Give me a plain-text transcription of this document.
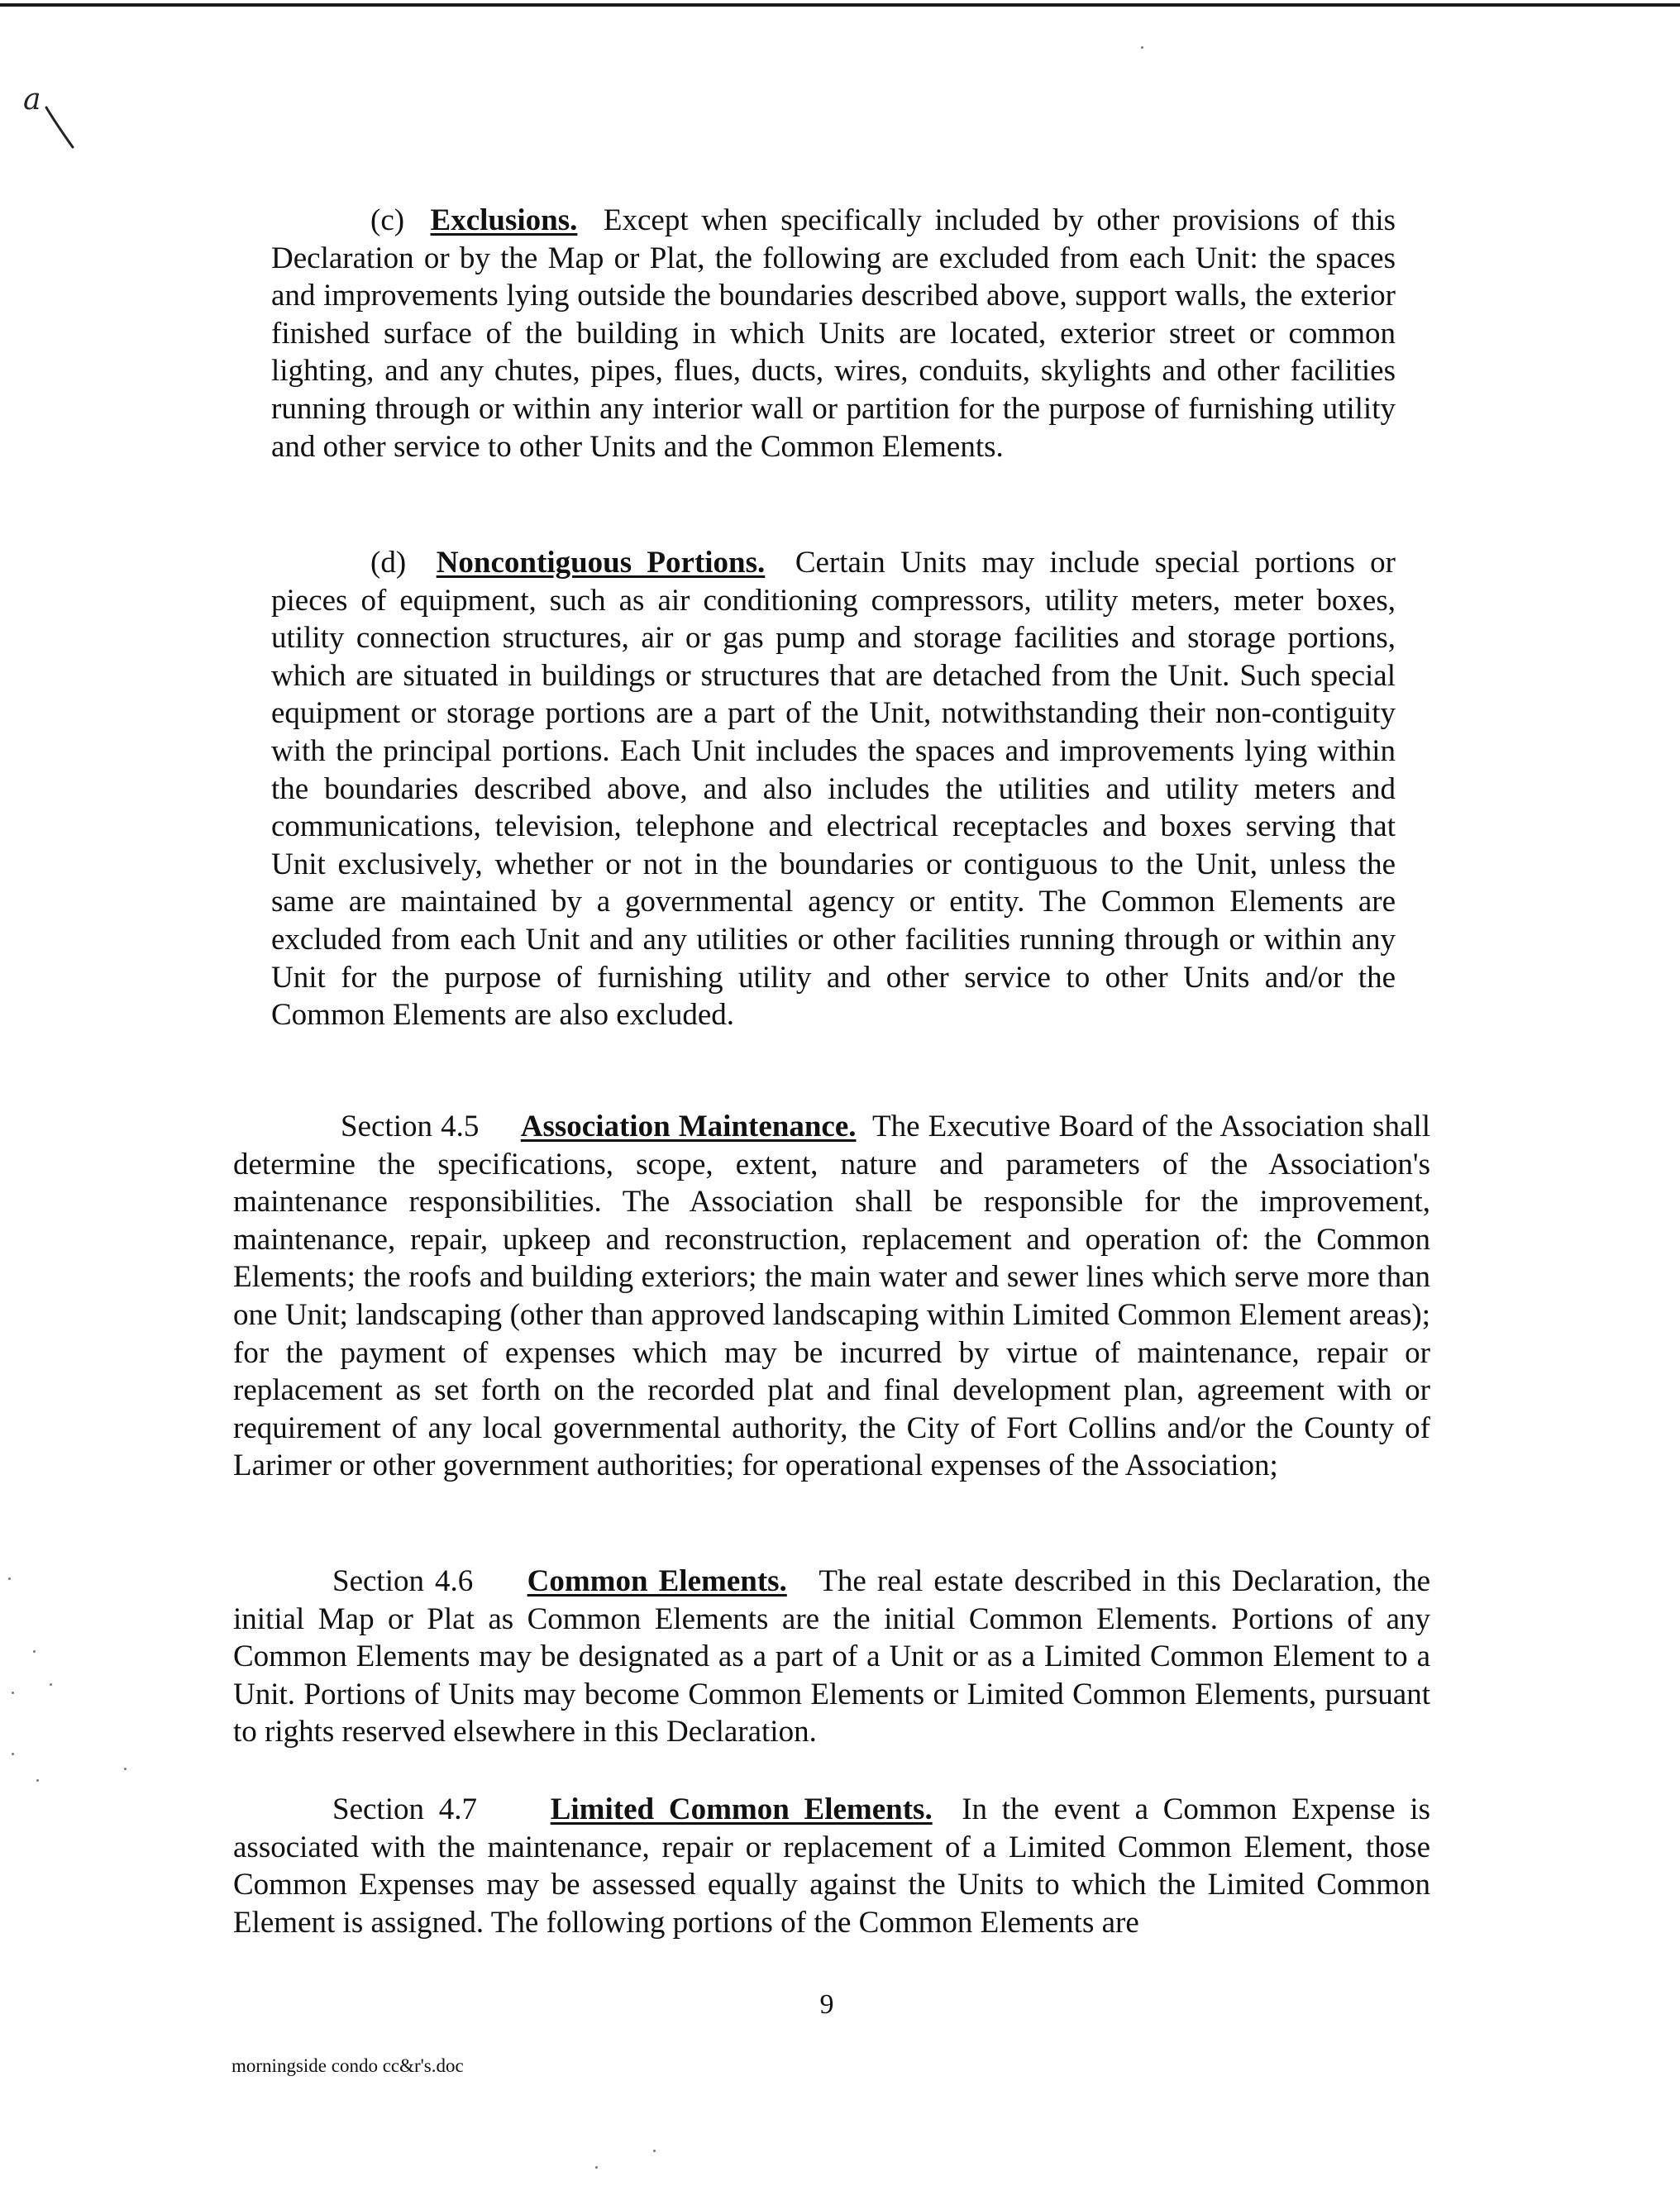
a

(c) Exclusions. Except when specifically included by other provisions of this Declaration or by the Map or Plat, the following are excluded from each Unit: the spaces and improvements lying outside the boundaries described above, support walls, the exterior finished surface of the building in which Units are located, exterior street or common lighting, and any chutes, pipes, flues, ducts, wires, conduits, skylights and other facilities running through or within any interior wall or partition for the purpose of furnishing utility and other service to other Units and the Common Elements.

(d) Noncontiguous Portions. Certain Units may include special portions or pieces of equipment, such as air conditioning compressors, utility meters, meter boxes, utility connection structures, air or gas pump and storage facilities and storage portions, which are situated in buildings or structures that are detached from the Unit. Such special equipment or storage portions are a part of the Unit, notwithstanding their non-contiguity with the principal portions. Each Unit includes the spaces and improvements lying within the boundaries described above, and also includes the utilities and utility meters and communications, television, telephone and electrical receptacles and boxes serving that Unit exclusively, whether or not in the boundaries or contiguous to the Unit, unless the same are maintained by a governmental agency or entity. The Common Elements are excluded from each Unit and any utilities or other facilities running through or within any Unit for the purpose of furnishing utility and other service to other Units and/or the Common Elements are also excluded.

Section 4.5 Association Maintenance. The Executive Board of the Association shall determine the specifications, scope, extent, nature and parameters of the Association's maintenance responsibilities. The Association shall be responsible for the improvement, maintenance, repair, upkeep and reconstruction, replacement and operation of: the Common Elements; the roofs and building exteriors; the main water and sewer lines which serve more than one Unit; landscaping (other than approved landscaping within Limited Common Element areas); for the payment of expenses which may be incurred by virtue of maintenance, repair or replacement as set forth on the recorded plat and final development plan, agreement with or requirement of any local governmental authority, the City of Fort Collins and/or the County of Larimer or other government authorities; for operational expenses of the Association;

Section 4.6 Common Elements. The real estate described in this Declaration, the initial Map or Plat as Common Elements are the initial Common Elements. Portions of any Common Elements may be designated as a part of a Unit or as a Limited Common Element to a Unit. Portions of Units may become Common Elements or Limited Common Elements, pursuant to rights reserved elsewhere in this Declaration.

Section 4.7 Limited Common Elements. In the event a Common Expense is associated with the maintenance, repair or replacement of a Limited Common Element, those Common Expenses may be assessed equally against the Units to which the Limited Common Element is assigned. The following portions of the Common Elements are

9
morningside condo cc&r's.doc
